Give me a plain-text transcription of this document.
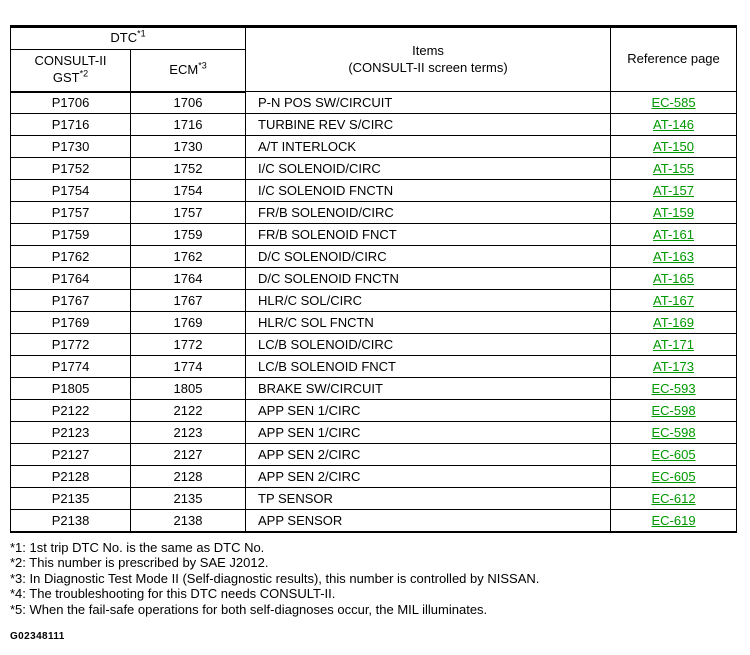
DTC$^{*1}$		Items
(CONSULT-II screen terms)	Reference page
CONSULT-II
GST$^{*2}$	ECM$^{*3}$
P1706	1706	P-N POS SW/CIRCUIT	EC-585
P1716	1716	TURBINE REV S/CIRC	AT-146
P1730	1730	A/T INTERLOCK	AT-150
P1752	1752	I/C SOLENOID/CIRC	AT-155
P1754	1754	I/C SOLENOID FNCTN	AT-157
P1757	1757	FR/B SOLENOID/CIRC	AT-159
P1759	1759	FR/B SOLENOID FNCT	AT-161
P1762	1762	D/C SOLENOID/CIRC	AT-163
P1764	1764	D/C SOLENOID FNCTN	AT-165
P1767	1767	HLR/C SOL/CIRC	AT-167
P1769	1769	HLR/C SOL FNCTN	AT-169
P1772	1772	LC/B SOLENOID/CIRC	AT-171
P1774	1774	LC/B SOLENOID FNCT	AT-173
P1805	1805	BRAKE SW/CIRCUIT	EC-593
P2122	2122	APP SEN 1/CIRC	EC-598
P2123	2123	APP SEN 1/CIRC	EC-598
P2127	2127	APP SEN 2/CIRC	EC-605
P2128	2128	APP SEN 2/CIRC	EC-605
P2135	2135	TP SENSOR	EC-612
P2138	2138	APP SENSOR	EC-619
*1: 1st trip DTC No. is the same as DTC No.
*2: This number is prescribed by SAE J2012.
*3: In Diagnostic Test Mode II (Self-diagnostic results), this number is controlled by NISSAN.
*4: The troubleshooting for this DTC needs CONSULT-II.
*5: When the fail-safe operations for both self-diagnoses occur, the MIL illuminates.
G02348111
